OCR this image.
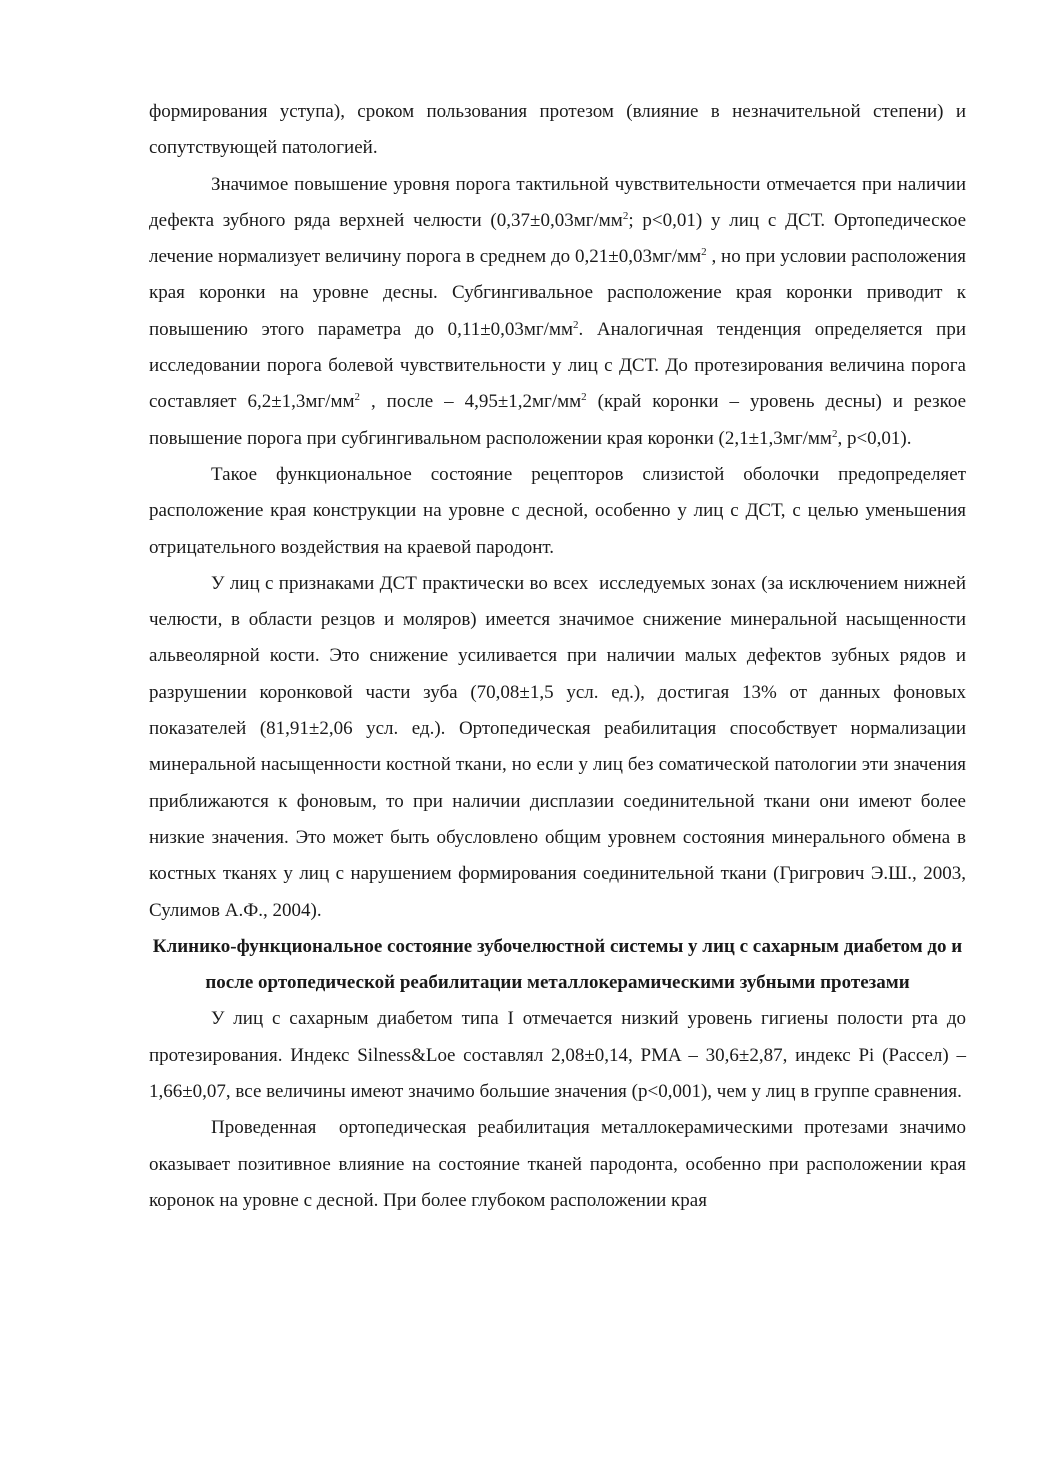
формирования уступа), сроком пользования протезом (влияние в незначительной степени) и сопутствующей патологией.

Значимое повышение уровня порога тактильной чувствительности отмечается при наличии дефекта зубного ряда верхней челюсти ($0,37\pm 0,03мг/мм^2$; p<0,01) у лиц с ДСТ. Ортопедическое лечение нормализует величину порога в среднем до $0,21\pm 0,03мг/мм^2$ , но при условии расположения края коронки на уровне десны. Субгингивальное расположение края коронки приводит к повышению этого параметра до $0,11\pm 0,03мг/мм^2$. Аналогичная тенденция определяется при исследовании порога болевой чувствительности у лиц с ДСТ. До протезирования величина порога составляет $6,2\pm 1,3мг/мм^2$ , после – $4,95\pm 1,2мг/мм^2$ (край коронки – уровень десны) и резкое повышение порога при субгингивальном расположении края коронки ($2,1\pm 1,3мг/мм^2$, p<0,01).

Такое функциональное состояние рецепторов слизистой оболочки предопределяет расположение края конструкции на уровне с десной, особенно у лиц с ДСТ, с целью уменьшения отрицательного воздействия на краевой пародонт.

У лиц с признаками ДСТ практически во всех  исследуемых зонах (за исключением нижней челюсти, в области резцов и моляров) имеется значимое снижение минеральной насыщенности альвеолярной кости. Это снижение усиливается при наличии малых дефектов зубных рядов и разрушении коронковой части зуба (70,08±1,5 усл. ед.), достигая 13% от данных фоновых показателей (81,91±2,06 усл. ед.). Ортопедическая реабилитация способствует нормализации минеральной насыщенности костной ткани, но если у лиц без соматической патологии эти значения приближаются к фоновым, то при наличии дисплазии соединительной ткани они имеют более низкие значения. Это может быть обусловлено общим уровнем состояния минерального обмена в костных тканях у лиц с нарушением формирования соединительной ткани (Григрович Э.Ш., 2003, Сулимов А.Ф., 2004).

Клинико-функциональное состояние зубочелюстной системы у лиц с сахарным диабетом до и после ортопедической реабилитации металлокерамическими зубными протезами

У лиц с сахарным диабетом типа I отмечается низкий уровень гигиены полости рта до протезирования. Индекс Silness&Loe составлял 2,08±0,14, PMA – 30,6±2,87, индекс Pi (Рассел) – 1,66±0,07, все величины имеют значимо большие значения (p<0,001), чем у лиц в группе сравнения.

Проведенная  ортопедическая реабилитация металлокерамическими протезами значимо оказывает позитивное влияние на состояние тканей пародонта, особенно при расположении края коронок на уровне с десной. При более глубоком расположении края
